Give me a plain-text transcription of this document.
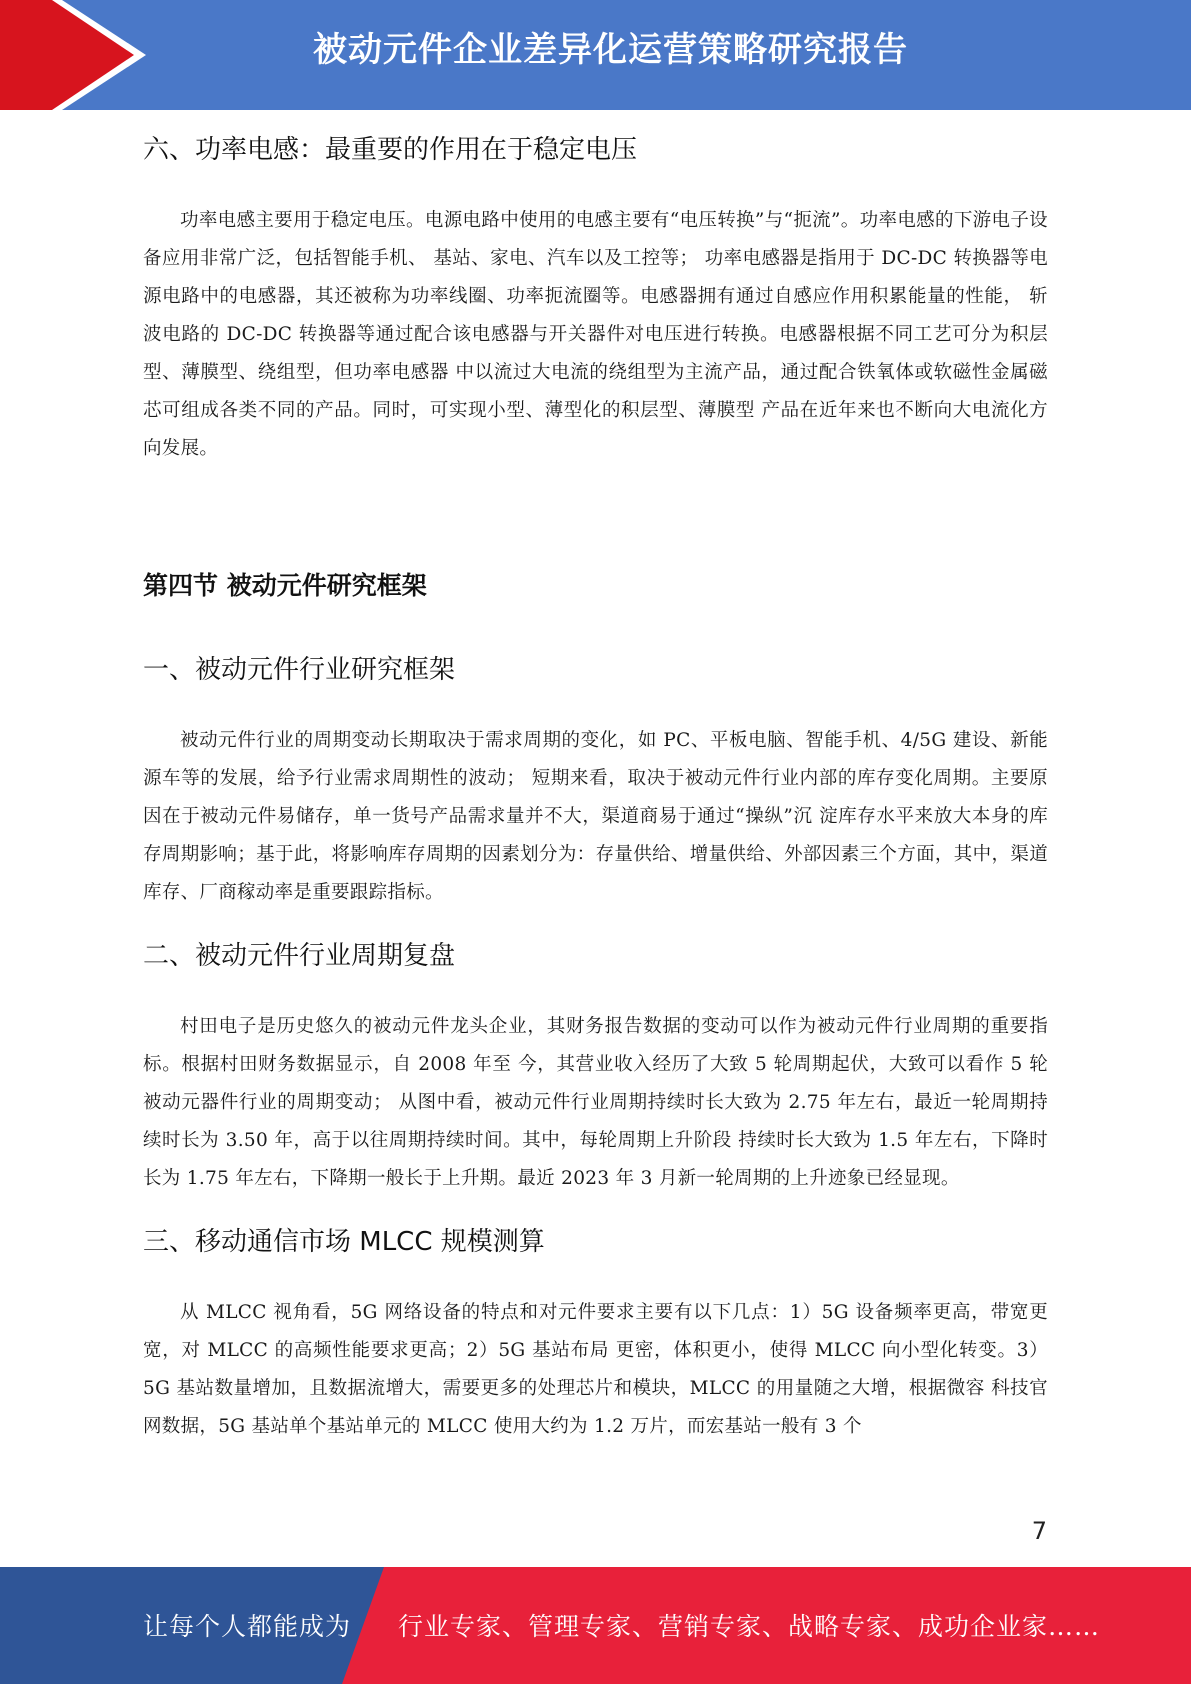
被动元件企业差异化运营策略研究报告
六、功率电感：最重要的作用在于稳定电压

功率电感主要用于稳定电压。电源电路中使用的电感主要有“电压转换”与“扼流”。功率电感的下游电子设备应用非常广泛，包括智能手机、 基站、家电、汽车以及工控等； 功率电感器是指用于 DC-DC 转换器等电源电路中的电感器，其还被称为功率线圈、功率扼流圈等。电感器拥有通过自感应作用积累能量的性能， 斩波电路的 DC-DC 转换器等通过配合该电感器与开关器件对电压进行转换。电感器根据不同工艺可分为积层型、薄膜型、绕组型，但功率电感器 中以流过大电流的绕组型为主流产品，通过配合铁氧体或软磁性金属磁芯可组成各类不同的产品。同时，可实现小型、薄型化的积层型、薄膜型 产品在近年来也不断向大电流化方向发展。

第四节 被动元件研究框架
一、被动元件行业研究框架

被动元件行业的周期变动长期取决于需求周期的变化，如 PC、平板电脑、智能手机、4/5G 建设、新能源车等的发展，给予行业需求周期性的波动； 短期来看，取决于被动元件行业内部的库存变化周期。主要原因在于被动元件易储存，单一货号产品需求量并不大，渠道商易于通过“操纵”沉 淀库存水平来放大本身的库存周期影响；基于此，将影响库存周期的因素划分为：存量供给、增量供给、外部因素三个方面，其中，渠道库存、厂商稼动率是重要跟踪指标。

二、被动元件行业周期复盘

村田电子是历史悠久的被动元件龙头企业，其财务报告数据的变动可以作为被动元件行业周期的重要指标。根据村田财务数据显示，自 2008 年至 今，其营业收入经历了大致 5 轮周期起伏，大致可以看作 5 轮被动元器件行业的周期变动； 从图中看，被动元件行业周期持续时长大致为 2.75 年左右，最近一轮周期持续时长为 3.50 年，高于以往周期持续时间。其中，每轮周期上升阶段 持续时长大致为 1.5 年左右，下降时长为 1.75 年左右，下降期一般长于上升期。最近 2023 年 3 月新一轮周期的上升迹象已经显现。

三、移动通信市场 MLCC 规模测算

从 MLCC 视角看，5G 网络设备的特点和对元件要求主要有以下几点：1）5G 设备频率更高，带宽更宽，对 MLCC 的高频性能要求更高；2）5G 基站布局 更密，体积更小，使得 MLCC 向小型化转变。3）5G 基站数量增加，且数据流增大，需要更多的处理芯片和模块，MLCC 的用量随之大增，根据微容 科技官网数据，5G 基站单个基站单元的 MLCC 使用大约为 1.2 万片，而宏基站一般有 3 个

7
让每个人都能成为 行业专家、管理专家、营销专家、战略专家、成功企业家……
